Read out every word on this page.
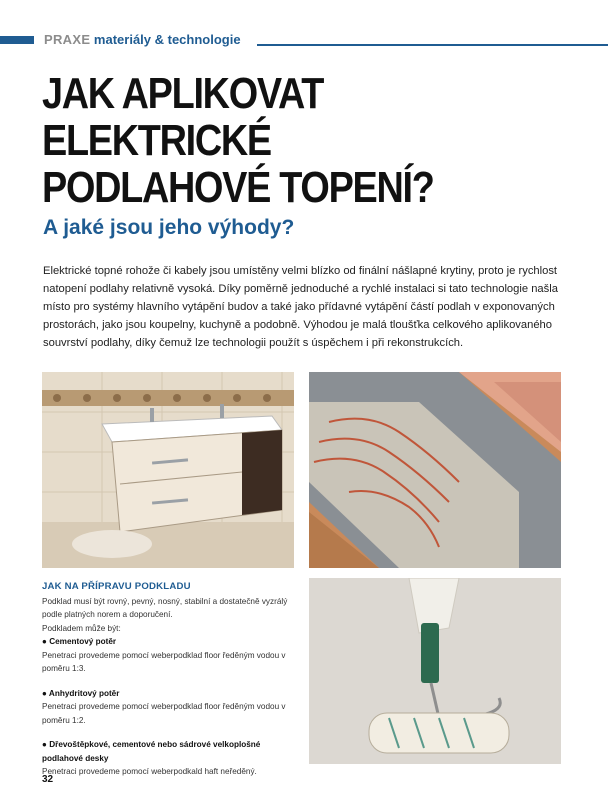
PRAXE materiály & technologie
JAK APLIKOVAT
ELEKTRICKÉ
PODLAHOVÉ TOPENÍ?
A jaké jsou jeho výhody?

Elektrické topné rohože či kabely jsou umístěny velmi blízko od finální nášlapné krytiny, proto je rychlost natopení podlahy relativně vysoká. Díky poměrně jednoduché a rychlé instalaci si tato technologie našla místo pro systémy hlavního vytápění budov a také jako přídavné vytápění částí podlah v exponovaných prostorách, jako jsou koupelny, kuchyně a podobně. Výhodou je malá tloušťka celkového aplikovaného souvrství podlahy, díky čemuž lze technologii použít s úspěchem i při rekonstrukcích.

JAK NA PŘÍPRAVU PODKLADU

Podklad musí být rovný, pevný, nosný, stabilní a dostatečně vyzrálý podle platných norem a doporučení.

Podkladem může být:

● Cementový potěr

Penetraci provedeme pomocí weberpodklad floor ředěným vodou v poměru 1:3.

● Anhydritový potěr

Penetraci provedeme pomocí weberpodklad floor ředěným vodou v poměru 1:2.

● Dřevoštěpkové, cementové nebo sádrové velkoplošné podlahové desky

Penetraci provedeme pomocí weberpodkald haft neředěný.

32
